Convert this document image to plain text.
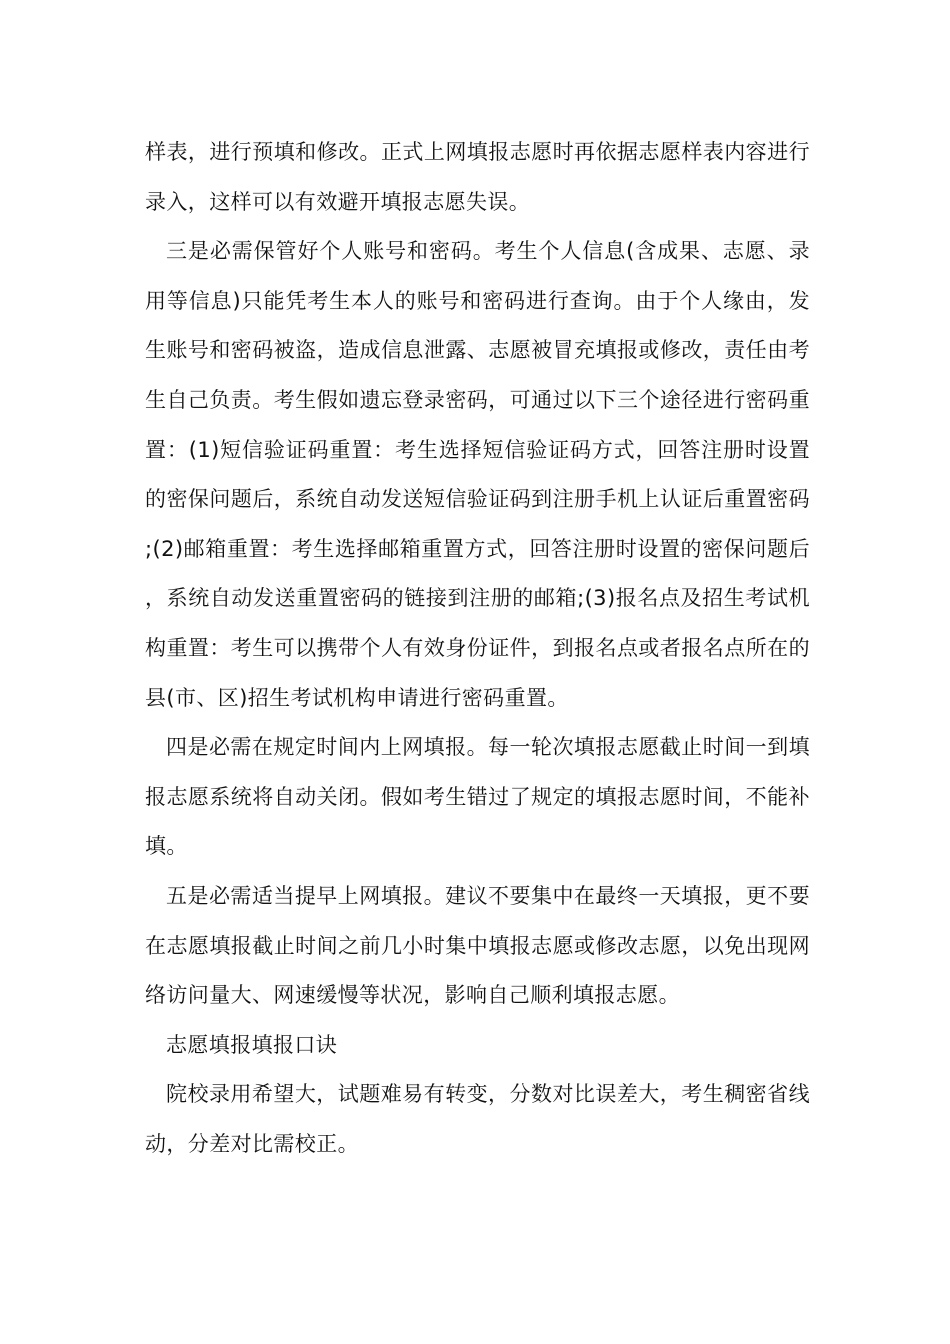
样表，进行预填和修改。正式上网填报志愿时再依据志愿样表内容进行录入，这样可以有效避开填报志愿失误。

三是必需保管好个人账号和密码。考生个人信息(含成果、志愿、录用等信息)只能凭考生本人的账号和密码进行查询。由于个人缘由，发生账号和密码被盗，造成信息泄露、志愿被冒充填报或修改，责任由考生自己负责。考生假如遗忘登录密码，可通过以下三个途径进行密码重置：(1)短信验证码重置：考生选择短信验证码方式，回答注册时设置的密保问题后，系统自动发送短信验证码到注册手机上认证后重置密码;(2)邮箱重置：考生选择邮箱重置方式，回答注册时设置的密保问题后，系统自动发送重置密码的链接到注册的邮箱;(3)报名点及招生考试机构重置：考生可以携带个人有效身份证件，到报名点或者报名点所在的县(市、区)招生考试机构申请进行密码重置。

四是必需在规定时间内上网填报。每一轮次填报志愿截止时间一到填报志愿系统将自动关闭。假如考生错过了规定的填报志愿时间，不能补填。

五是必需适当提早上网填报。建议不要集中在最终一天填报，更不要在志愿填报截止时间之前几小时集中填报志愿或修改志愿，以免出现网络访问量大、网速缓慢等状况，影响自己顺利填报志愿。

志愿填报填报口诀

院校录用希望大，试题难易有转变，分数对比误差大，考生稠密省线动，分差对比需校正。
